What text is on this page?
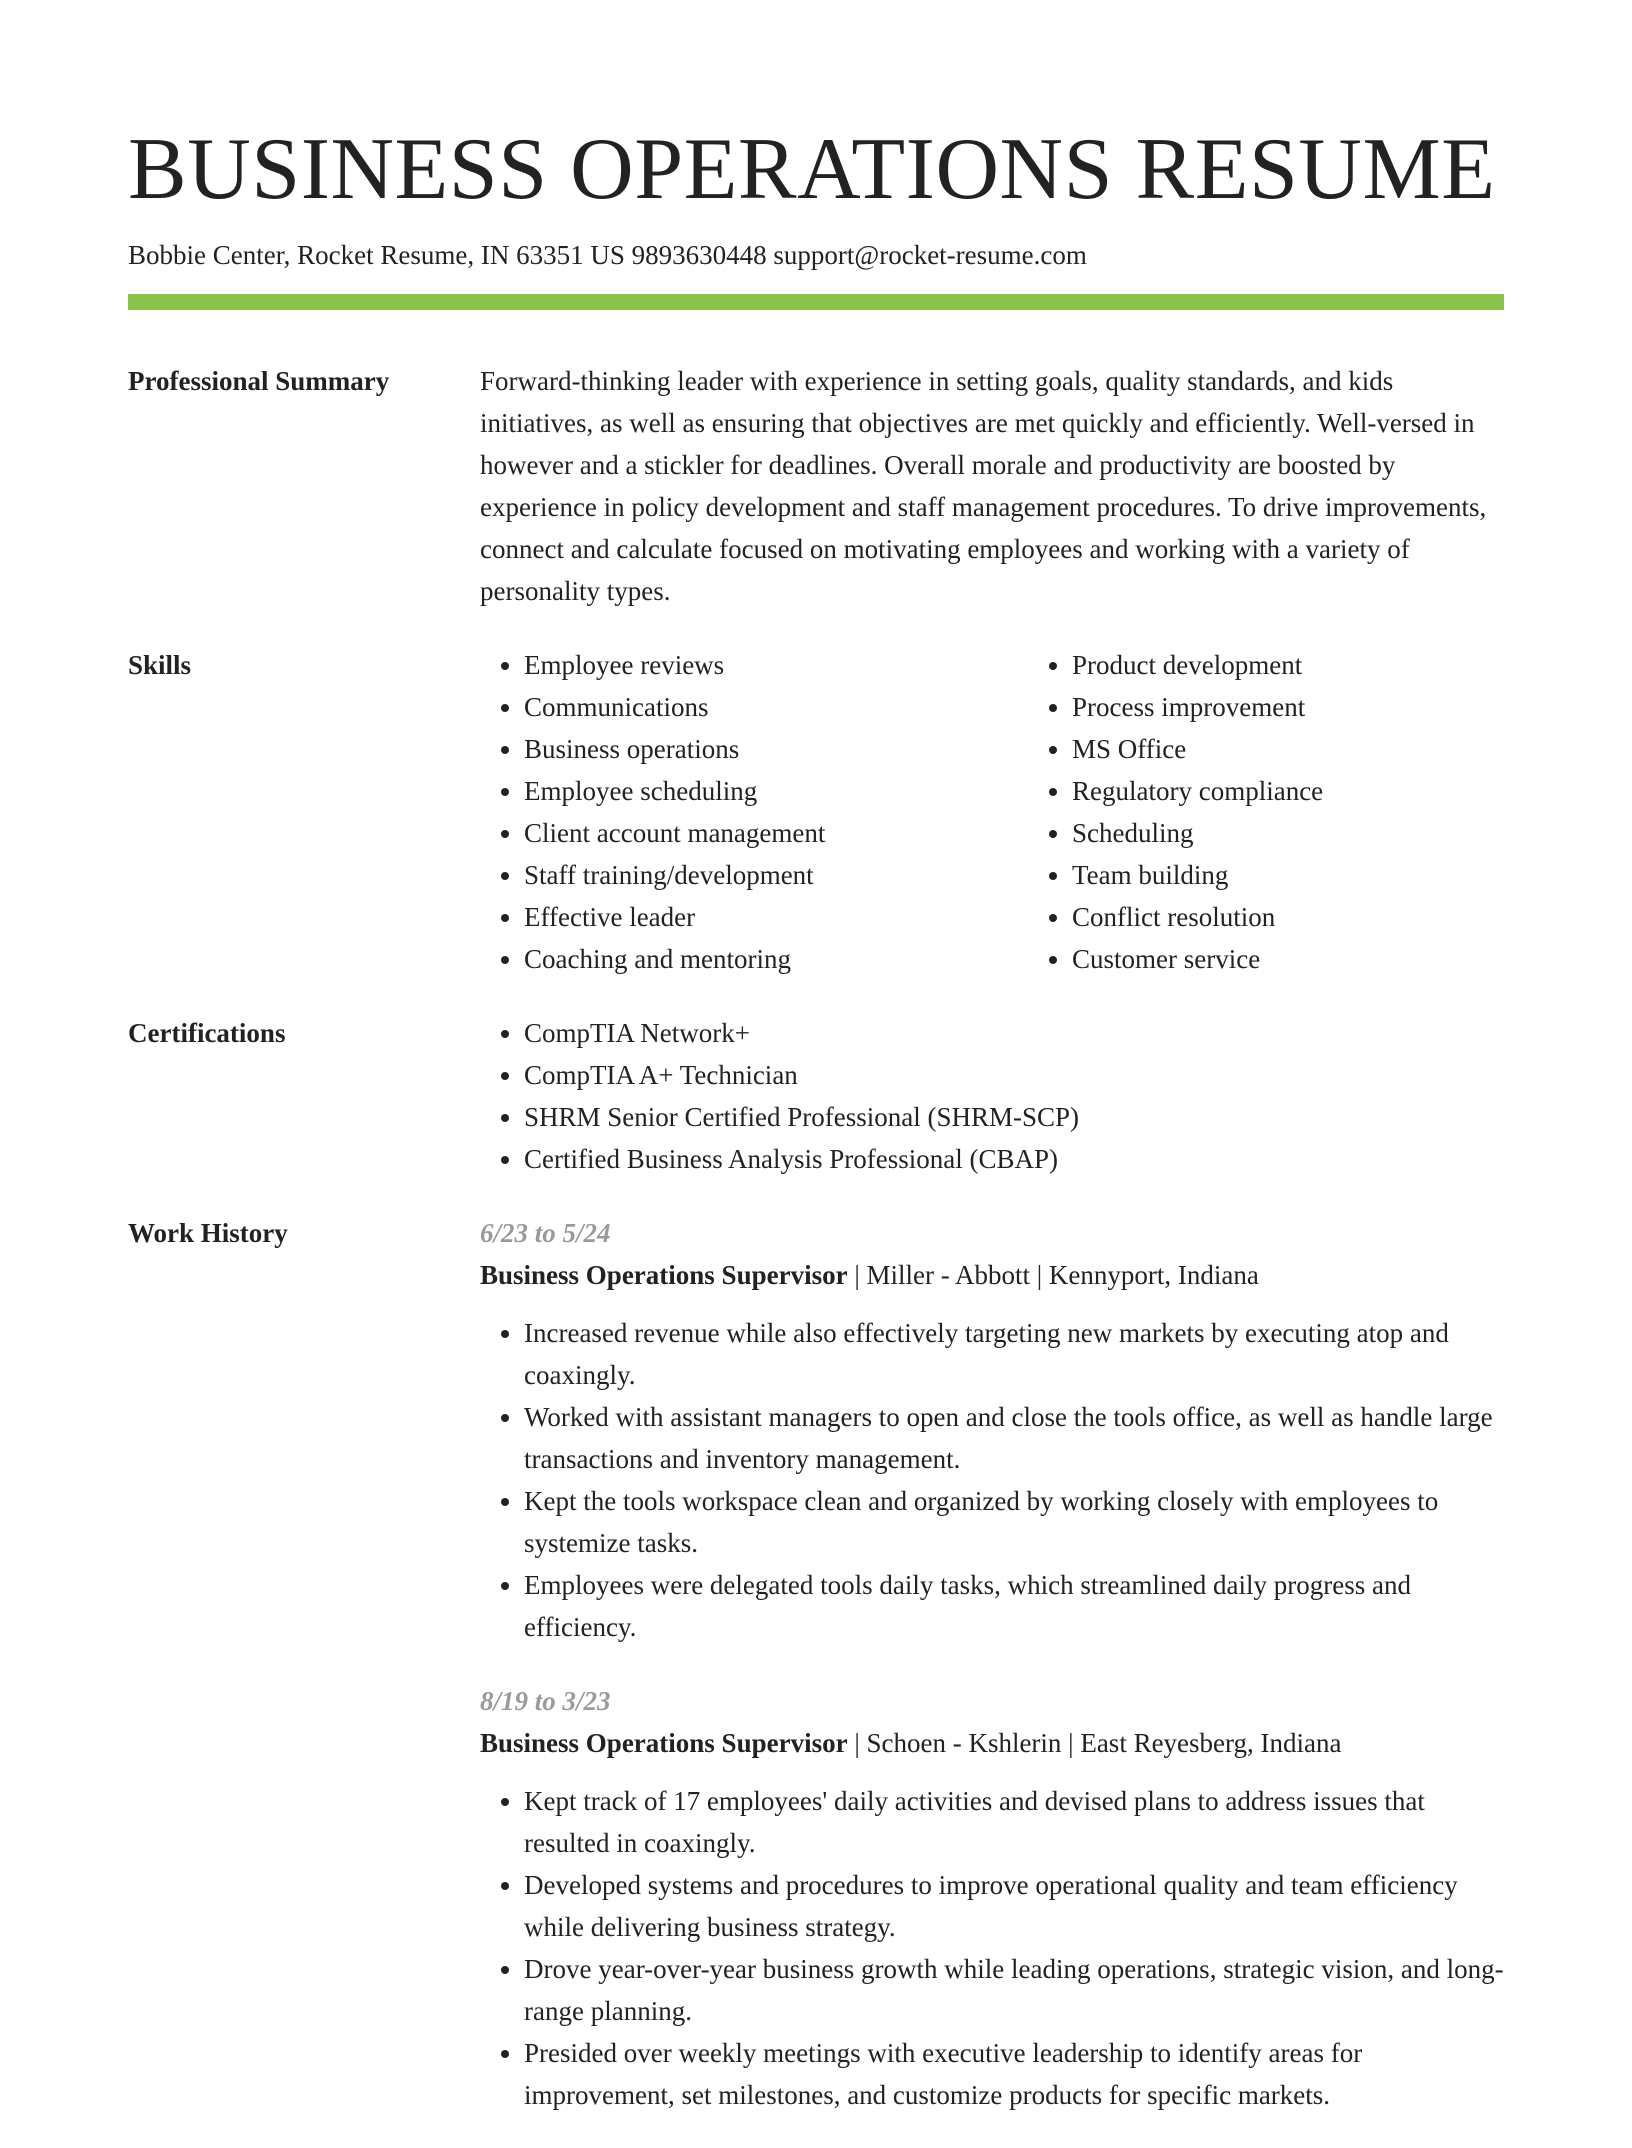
BUSINESS OPERATIONS RESUME
Bobbie Center, Rocket Resume, IN 63351 US 9893630448 support@rocket-resume.com
Professional Summary	Forward-thinking leader with experience in setting goals, quality standards, and kids initiatives, as well as ensuring that objectives are met quickly and efficiently. Well-versed in however and a stickler for deadlines. Overall morale and productivity are boosted by experience in policy development and staff management procedures. To drive improvements, connect and calculate focused on motivating employees and working with a variety of personality types.
Skills	• Employee reviews
• Communications
• Business operations
• Employee scheduling
• Client account management
• Staff training/development
• Effective leader
• Coaching and mentoring
• Product development
• Process improvement
• MS Office
• Regulatory compliance
• Scheduling
• Team building
• Conflict resolution
• Customer service
Certifications	• CompTIA Network+
• CompTIA A+ Technician
• SHRM Senior Certified Professional (SHRM-SCP)
• Certified Business Analysis Professional (CBAP)
Work History	6/23 to 5/24
Business Operations Supervisor | Miller - Abbott | Kennyport, Indiana
• Increased revenue while also effectively targeting new markets by executing atop and coaxingly.
• Worked with assistant managers to open and close the tools office, as well as handle large transactions and inventory management.
• Kept the tools workspace clean and organized by working closely with employees to systemize tasks.
• Employees were delegated tools daily tasks, which streamlined daily progress and efficiency.
8/19 to 3/23
Business Operations Supervisor | Schoen - Kshlerin | East Reyesberg, Indiana
• Kept track of 17 employees' daily activities and devised plans to address issues that resulted in coaxingly.
• Developed systems and procedures to improve operational quality and team efficiency while delivering business strategy.
• Drove year-over-year business growth while leading operations, strategic vision, and long-range planning.
• Presided over weekly meetings with executive leadership to identify areas for improvement, set milestones, and customize products for specific markets.
